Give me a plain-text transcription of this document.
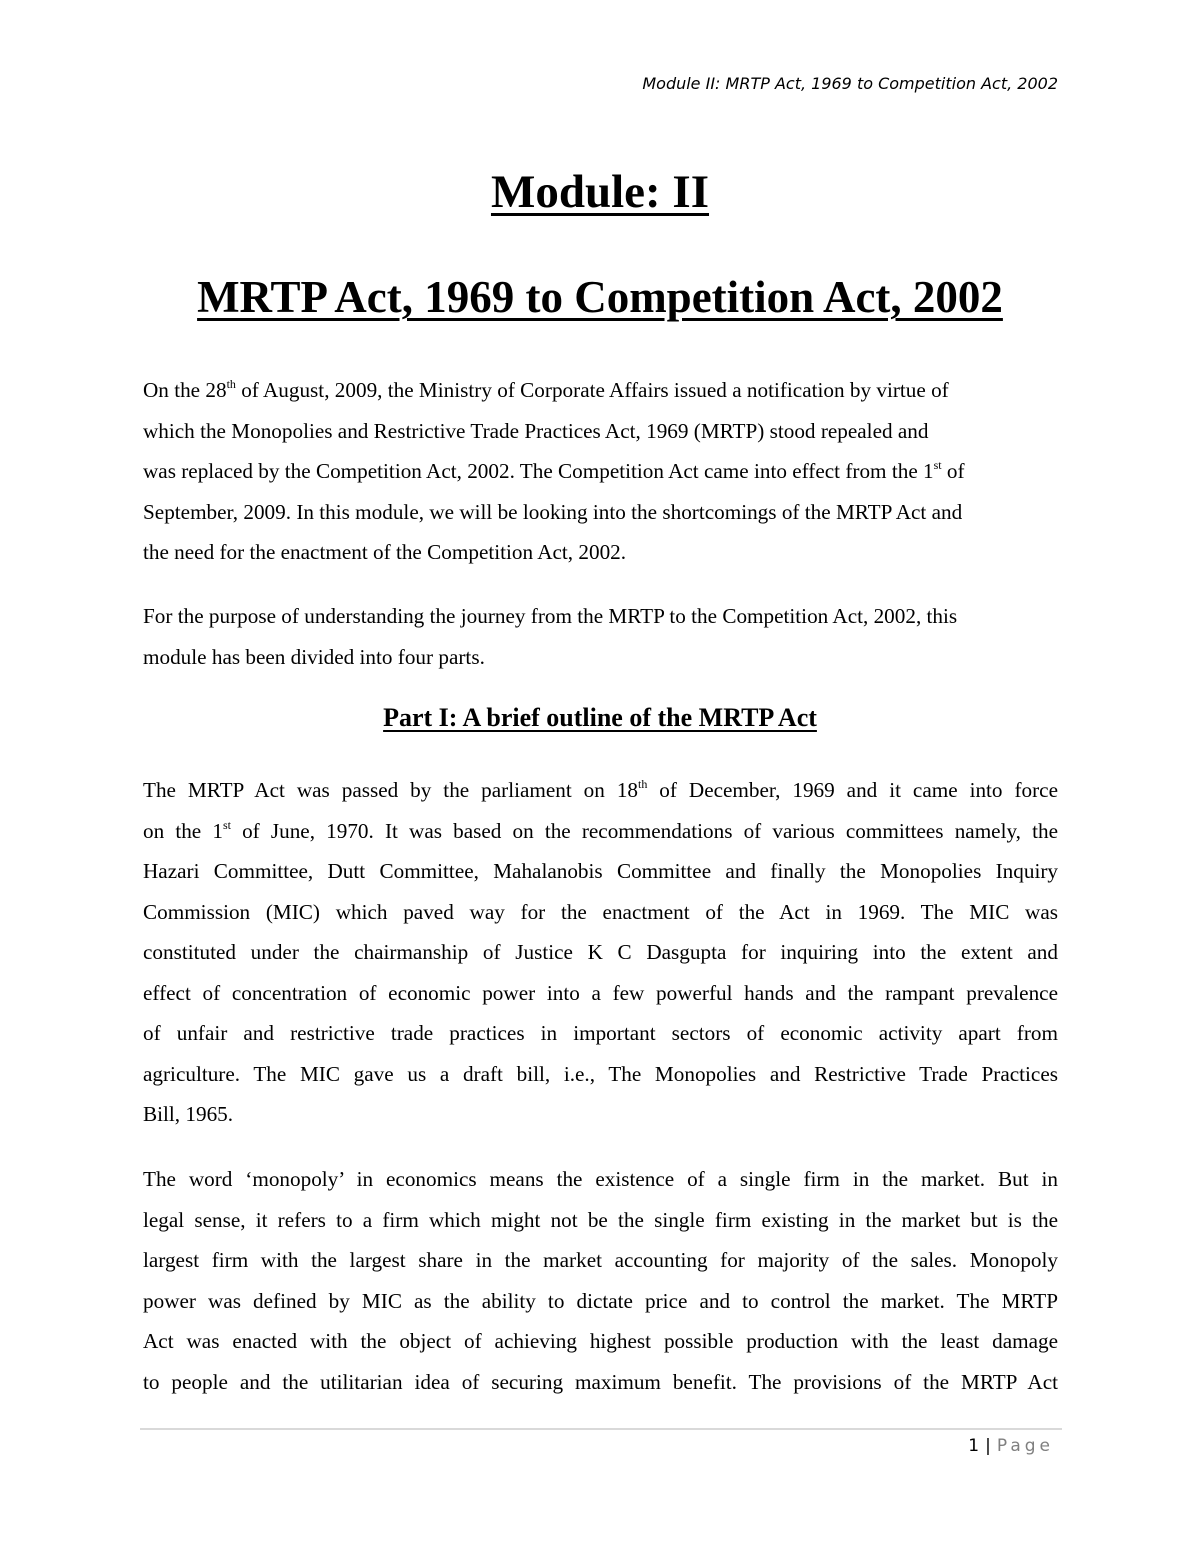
Module II: MRTP Act, 1969 to Competition Act, 2002
Module: II
MRTP Act, 1969 to Competition Act, 2002

On the 28th of August, 2009, the Ministry of Corporate Affairs issued a notification by virtue of
which the Monopolies and Restrictive Trade Practices Act, 1969 (MRTP) stood repealed and
was replaced by the Competition Act, 2002. The Competition Act came into effect from the 1st of
September, 2009. In this module, we will be looking into the shortcomings of the MRTP Act and
the need for the enactment of the Competition Act, 2002.

For the purpose of understanding the journey from the MRTP to the Competition Act, 2002, this
module has been divided into four parts.

Part I: A brief outline of the MRTP Act

The MRTP Act was passed by the parliament on 18th of December, 1969 and it came into force
on the 1st of June, 1970. It was based on the recommendations of various committees namely, the
Hazari Committee, Dutt Committee, Mahalanobis Committee and finally the Monopolies Inquiry
Commission (MIC) which paved way for the enactment of the Act in 1969. The MIC was
constituted under the chairmanship of Justice K C Dasgupta for inquiring into the extent and
effect of concentration of economic power into a few powerful hands and the rampant prevalence
of unfair and restrictive trade practices in important sectors of economic activity apart from
agriculture. The MIC gave us a draft bill, i.e., The Monopolies and Restrictive Trade Practices
Bill, 1965.

The word ‘monopoly’ in economics means the existence of a single firm in the market. But in
legal sense, it refers to a firm which might not be the single firm existing in the market but is the
largest firm with the largest share in the market accounting for majority of the sales. Monopoly
power was defined by MIC as the ability to dictate price and to control the market. The MRTP
Act was enacted with the object of achieving highest possible production with the least damage
to people and the utilitarian idea of securing maximum benefit. The provisions of the MRTP Act

1 | Page
